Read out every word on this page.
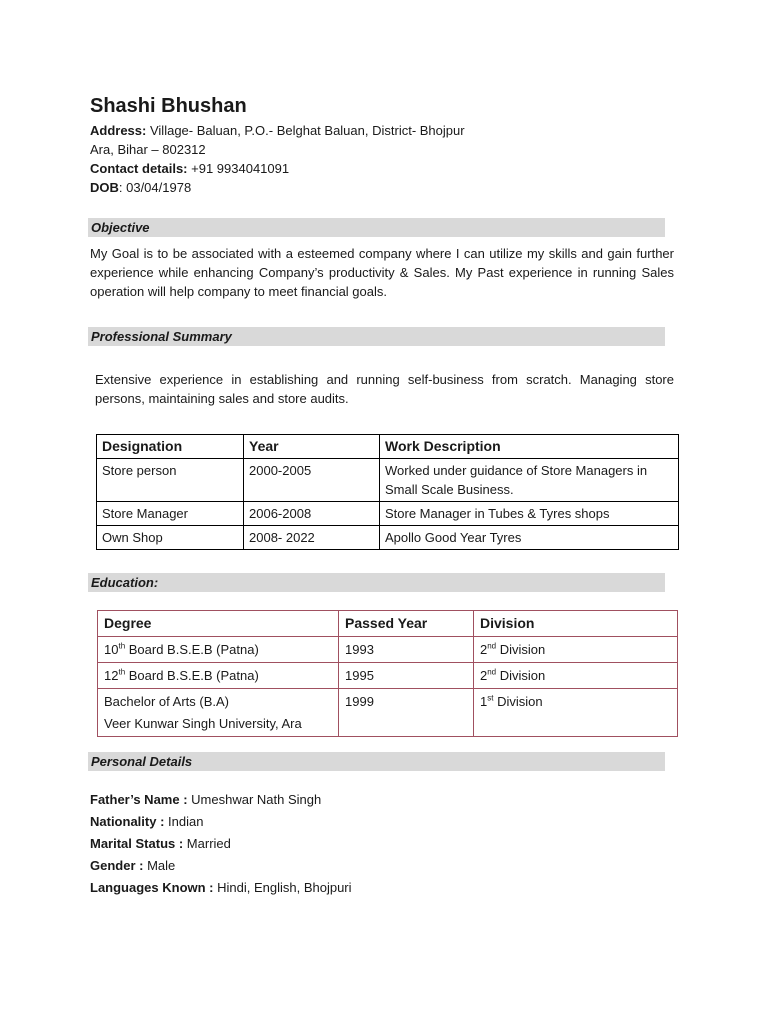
Shashi Bhushan
Address: Village- Baluan, P.O.- Belghat Baluan, District- Bhojpur
Ara, Bihar – 802312
Contact details: +91 9934041091
DOB: 03/04/1978
Objective
My Goal is to be associated with a esteemed company where I can utilize my skills and gain further experience while enhancing Company’s productivity & Sales. My Past experience in running Sales operation will help company to meet financial goals.
Professional Summary
Extensive experience in establishing and running self-business from scratch. Managing store persons, maintaining sales and store audits.
Designation	Year	Work Description
Store person	2000-2005	Worked under guidance of Store Managers in Small Scale Business.
Store Manager	2006-2008	Store Manager in Tubes & Tyres shops
Own Shop	2008- 2022	Apollo Good Year Tyres
Education:
Degree	Passed Year	Division
10th Board B.S.E.B (Patna)	1993	2nd Division
12th Board B.S.E.B (Patna)	1995	2nd Division

Bachelor of Arts (B.A)
Veer Kunwar Singh University, Ara	1999	1st Division
Personal Details
Father’s Name : Umeshwar Nath Singh
Nationality : Indian
Marital Status : Married
Gender : Male
Languages Known : Hindi, English, Bhojpuri
